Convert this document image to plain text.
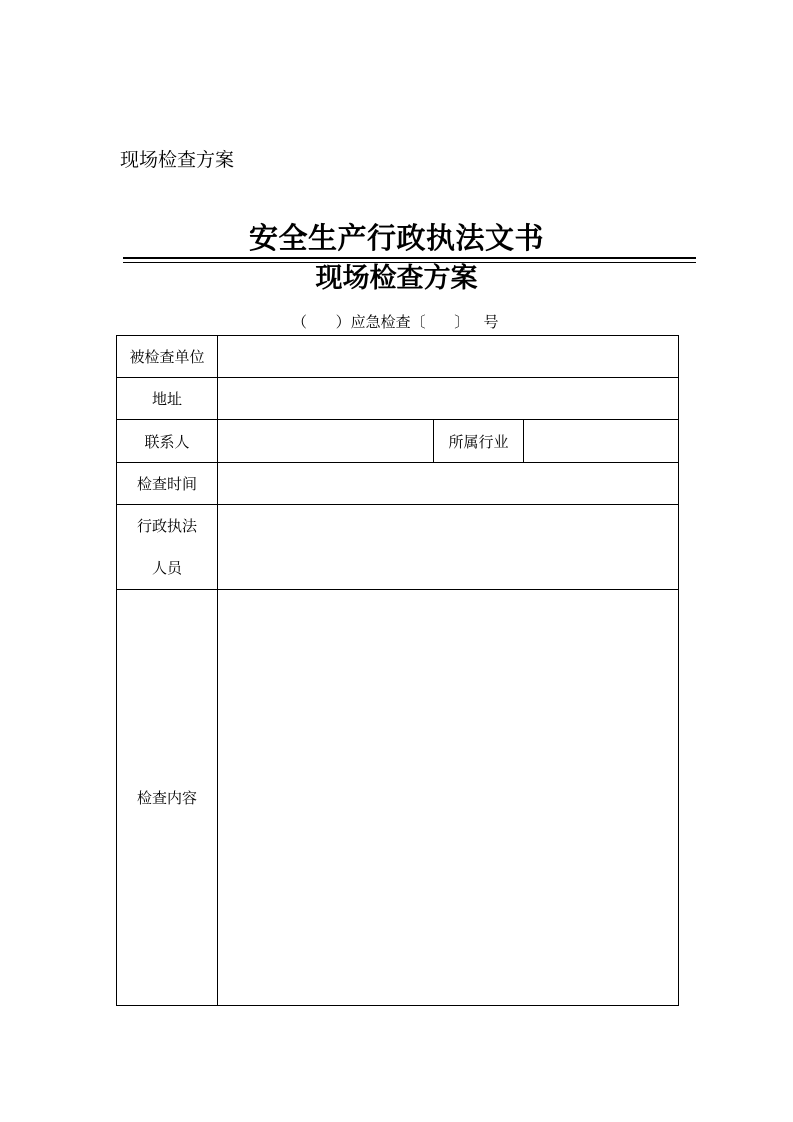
现场检查方案
安全生产行政执法文书
现场检查方案
（      ）应急检查〔      〕   号
被检查单位			
地址			
联系人		所属行业	
检查时间			

行政执法
人员			

检查内容			
